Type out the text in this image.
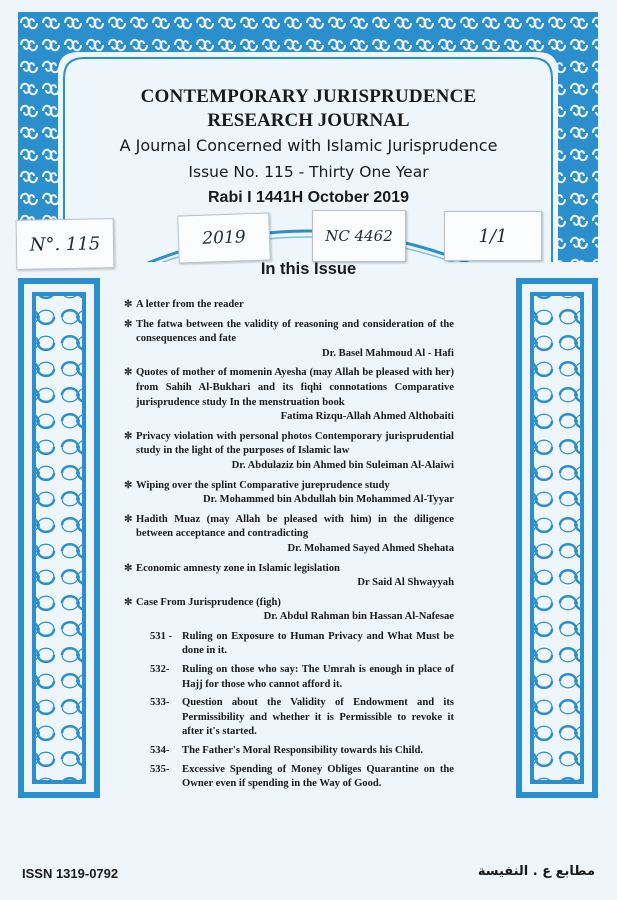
CONTEMPORARY JURISPRUDENCE
RESEARCH JOURNAL
A Journal Concerned with Islamic Jurisprudence
Issue No. 115 - Thirty One Year
Rabi I 1441H October 2019
N°. 115	2019	NC 4462	1/1
In this Issue
✻ A letter from the reader
✻ The fatwa between the validity of reasoning and consideration of the consequences and fate
Dr. Basel Mahmoud Al - Hafi
✻ Quotes of mother of momenin Ayesha (may Allah be pleased with her) from Sahih Al-Bukhari and its fiqhi connotations Comparative jurisprudence study In the menstruation book
Fatima Rizqu-Allah Ahmed Althobaiti
✻ Privacy violation with personal photos Contemporary jurisprudential study in the light of the purposes of Islamic law
Dr. Abdulaziz bin Ahmed bin Suleiman Al-Alaiwi
✻ Wiping over the splint Comparative jureprudence study
Dr. Mohammed bin Abdullah bin Mohammed Al-Tyyar
✻ Hadith Muaz (may Allah be pleased with him) in the diligence between acceptance and contradicting
Dr. Mohamed Sayed Ahmed Shehata
✻ Economic amnesty zone in Islamic legislation
Dr Said Al Shwayyah
✻ Case From Jurisprudence (figh)
Dr. Abdul Rahman bin Hassan Al-Nafesae
531 - Ruling on Exposure to Human Privacy and What Must be done in it.
532-	Ruling on those who say: The Umrah is enough in place of Hajj for those who cannot afford it.
533-	Question about the Validity of Endowment and its Permissibility and whether it is Permissible to revoke it after it's started.
534-	The Father's Moral Responsibility towards his Child.
535-	Excessive Spending of Money Obliges Quarantine on the Owner even if spending in the Way of Good.
ISSN 1319-0792	مطابع ع . النفيسة
